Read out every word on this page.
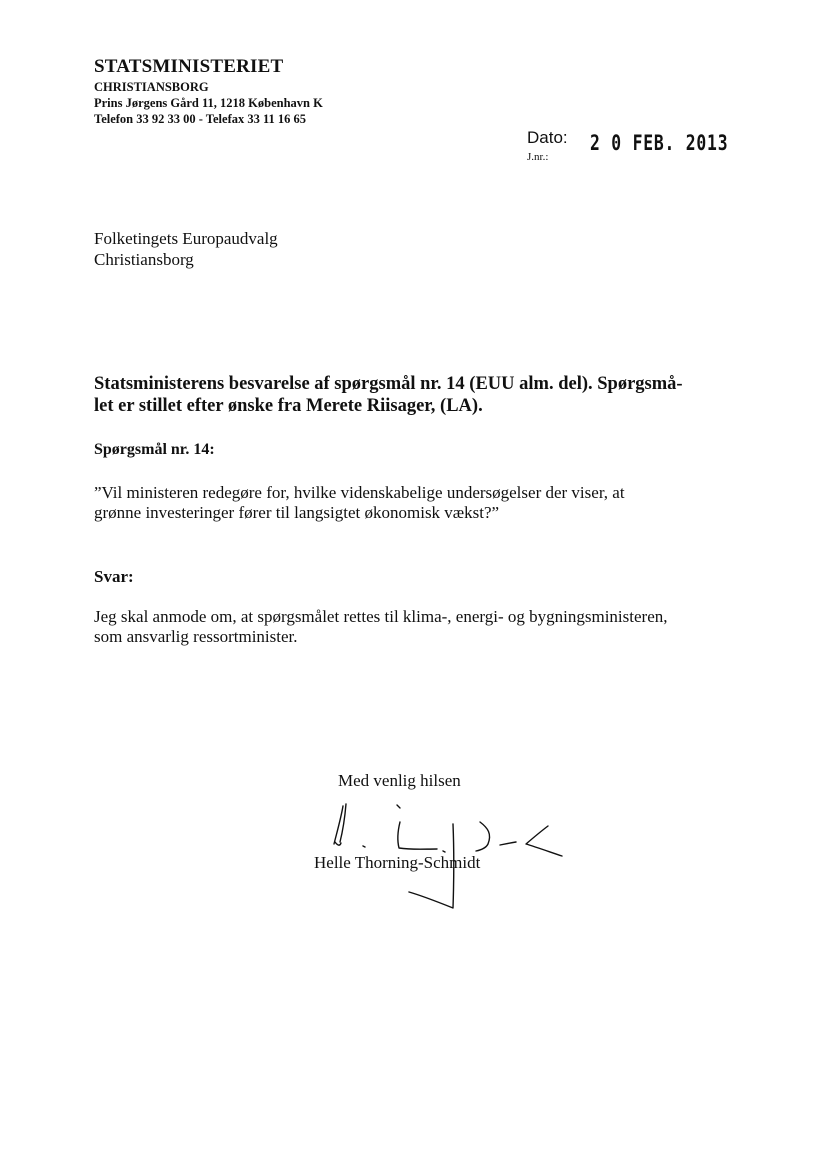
STATSMINISTERIET
CHRISTIANSBORG
Prins Jørgens Gård 11, 1218 København K
Telefon 33 92 33 00 - Telefax 33 11 16 65
Dato:
J.nr.:
2 0 FEB. 2013
Folketingets Europaudvalg
Christiansborg
Statsministerens besvarelse af spørgsmål nr. 14 (EUU alm. del). Spørgsmå-
let er stillet efter ønske fra Merete Riisager, (LA).
Spørgsmål nr. 14:
”Vil ministeren redegøre for, hvilke videnskabelige undersøgelser der viser, at
grønne investeringer fører til langsigtet økonomisk vækst?”
Svar:
Jeg skal anmode om, at spørgsmålet rettes til klima-, energi- og bygningsministeren,
som ansvarlig ressortminister.
Med venlig hilsen
Helle Thorning-Schmidt
